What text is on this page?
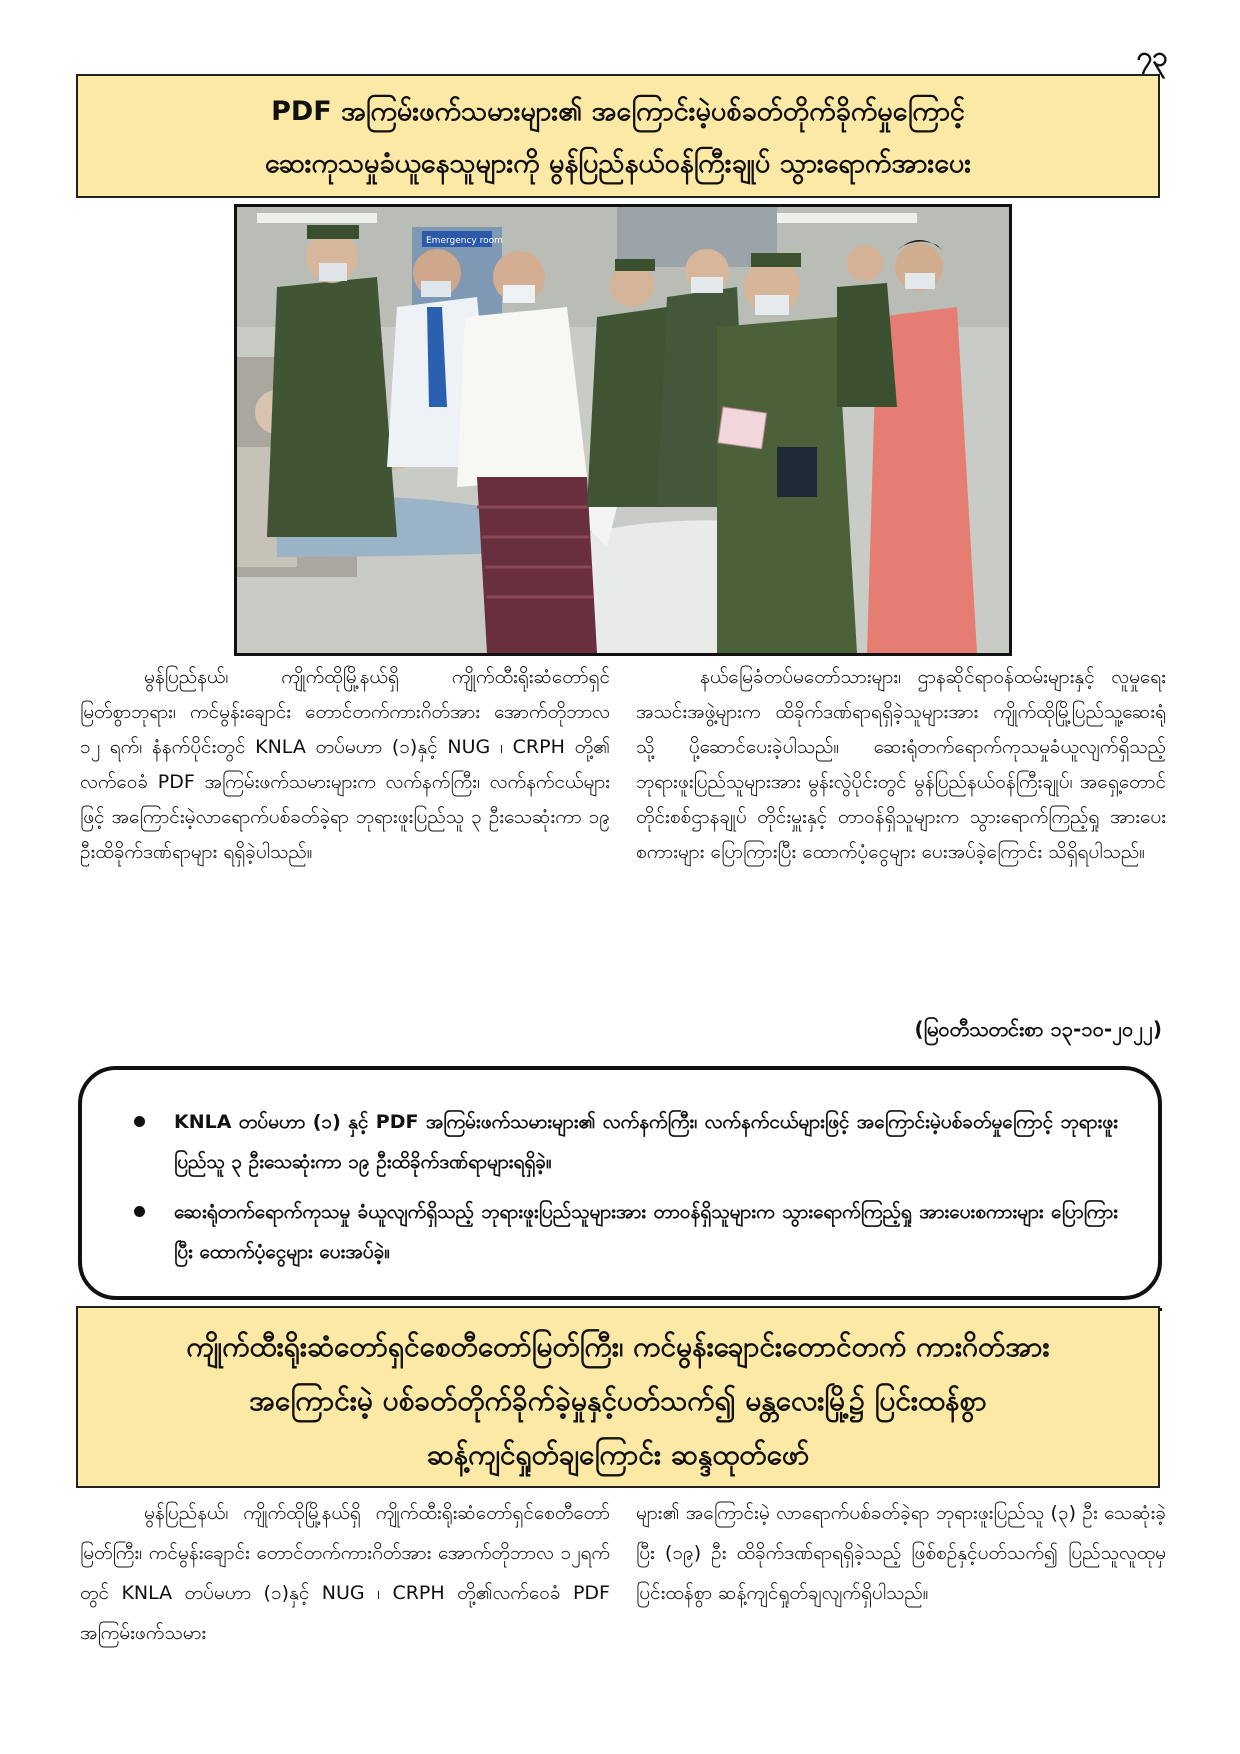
၇၃
PDF အကြမ်းဖက်သမားများ၏ အကြောင်းမဲ့ပစ်ခတ်တိုက်ခိုက်မှုကြောင့်
ဆေးကုသမှုခံယူနေသူများကို မွန်ပြည်နယ်ဝန်ကြီးချုပ် သွားရောက်အားပေး
Emergency room

မွန်ပြည်နယ်၊ ကျိုက်ထိုမြို့နယ်ရှိ ကျိုက်ထီးရိုးဆံတော်ရှင်မြတ်စွာဘုရား၊ ကင်မွန်းချောင်း တောင်တက်ကားဂိတ်အား အောက်တိုဘာလ ၁၂ ရက်၊ နံနက်ပိုင်းတွင် KNLA တပ်မဟာ (၁)နှင့် NUG ၊ CRPH တို့၏ လက်ဝေခံ PDF အကြမ်းဖက်သမားများက လက်နက်ကြီး၊ လက်နက်ငယ်များဖြင့် အကြောင်းမဲ့လာရောက်ပစ်ခတ်ခဲ့ရာ ဘုရားဖူးပြည်သူ ၃ ဦးသေဆုံးကာ ၁၉ ဦးထိခိုက်ဒဏ်ရာများ ရရှိခဲ့ပါသည်။

နယ်မြေခံတပ်မတော်သားများ၊ ဌာနဆိုင်ရာဝန်ထမ်းများနှင့် လူမှုရေးအသင်းအဖွဲ့များက ထိခိုက်ဒဏ်ရာရရှိခဲ့သူများအား ကျိုက်ထိုမြို့ပြည်သူ့ဆေးရုံသို့ ပို့ဆောင်ပေးခဲ့ပါသည်။ ဆေးရုံတက်ရောက်ကုသမှုခံယူလျက်ရှိသည့် ဘုရားဖူးပြည်သူများအား မွန်းလွဲပိုင်းတွင် မွန်ပြည်နယ်ဝန်ကြီးချုပ်၊ အရှေ့တောင်တိုင်းစစ်ဌာနချုပ် တိုင်းမှူးနှင့် တာဝန်ရှိသူများက သွားရောက်ကြည့်ရှု အားပေးစကားများ ပြောကြားပြီး ထောက်ပံ့ငွေများ ပေးအပ်ခဲ့ကြောင်း သိရှိရပါသည်။

(မြဝတီသတင်းစာ ၁၃-၁၀-၂၀၂၂)
KNLA တပ်မဟာ (၁) နှင့် PDF အကြမ်းဖက်သမားများ၏ လက်နက်ကြီး၊ လက်နက်ငယ်များဖြင့် အကြောင်းမဲ့ပစ်ခတ်မှုကြောင့် ဘုရားဖူးပြည်သူ ၃ ဦးသေဆုံးကာ ၁၉ ဦးထိခိုက်ဒဏ်ရာများရရှိခဲ့။
ဆေးရုံတက်ရောက်ကုသမှု ခံယူလျက်ရှိသည့် ဘုရားဖူးပြည်သူများအား တာဝန်ရှိသူများက သွားရောက်ကြည့်ရှု အားပေးစကားများ ပြောကြားပြီး ထောက်ပံ့ငွေများ ပေးအပ်ခဲ့။
ကျိုက်ထီးရိုးဆံတော်ရှင်စေတီတော်မြတ်ကြီး၊ ကင်မွန်းချောင်းတောင်တက် ကားဂိတ်အား
အကြောင်းမဲ့ ပစ်ခတ်တိုက်ခိုက်ခဲ့မှုနှင့်ပတ်သက်၍ မန္တလေးမြို့၌ ပြင်းထန်စွာ
ဆန့်ကျင်ရှုတ်ချကြောင်း ဆန္ဒထုတ်ဖော်

မွန်ပြည်နယ်၊ ကျိုက်ထိုမြို့နယ်ရှိ ကျိုက်ထီးရိုးဆံတော်ရှင်စေတီတော်မြတ်ကြီး၊ ကင်မွန်းချောင်း တောင်တက်ကားဂိတ်အား အောက်တိုဘာလ ၁၂ရက်တွင် KNLA တပ်မဟာ (၁)နှင့် NUG ၊ CRPH တို့၏လက်ဝေခံ PDF အကြမ်းဖက်သမား

များ၏ အကြောင်းမဲ့ လာရောက်ပစ်ခတ်ခဲ့ရာ ဘုရားဖူးပြည်သူ (၃) ဦး သေဆုံးခဲ့ပြီး (၁၉) ဦး ထိခိုက်ဒဏ်ရာရရှိခဲ့သည့် ဖြစ်စဉ်နှင့်ပတ်သက်၍ ပြည်သူလူထုမှ ပြင်းထန်စွာ ဆန့်ကျင်ရှုတ်ချလျက်ရှိပါသည်။
